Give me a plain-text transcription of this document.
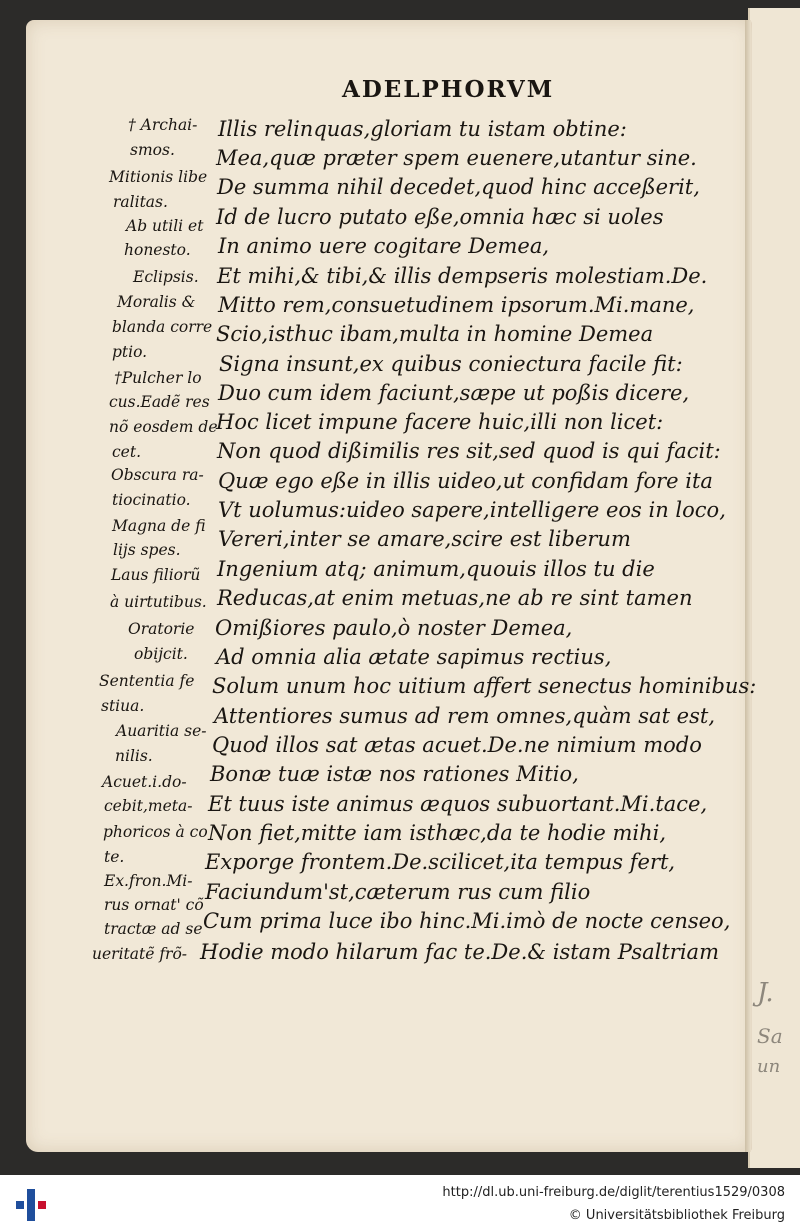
ADELPHORVM
Illis relinquas,gloriam tu istam obtine:
Mea,quæ præter spem euenere,utantur sine.
De summa nihil decedet,quod hinc acceßerit,
Id de lucro putato eße,omnia hæc si uoles
In animo uere cogitare Demea,
Et mihi,& tibi,& illis dempseris molestiam.De.
Mitto rem,consuetudinem ipsorum.Mi.mane,
Scio,isthuc ibam,multa in homine Demea
Signa insunt,ex quibus coniectura facile fit:
Duo cum idem faciunt,sæpe ut poßis dicere,
Hoc licet impune facere huic,illi non licet:
Non quod dißimilis res sit,sed quod is qui facit:
Quæ ego eße in illis uideo,ut confidam fore ita
Vt uolumus:uideo sapere,intelligere eos in loco,
Vereri,inter se amare,scire est liberum
Ingenium atq; animum,quouis illos tu die
Reducas,at enim metuas,ne ab re sint tamen
Omißiores paulo,ò noster Demea,
Ad omnia alia ætate sapimus rectius,
Solum unum hoc uitium affert senectus hominibus:
Attentiores sumus ad rem omnes,quàm sat est,
Quod illos sat ætas acuet.De.ne nimium modo
Bonæ tuæ istæ nos rationes Mitio,
Et tuus iste animus æquos subuortant.Mi.tace,
Non fiet,mitte iam isthæc,da te hodie mihi,
Exporge frontem.De.scilicet,ita tempus fert,
Faciundum'st,cæterum rus cum filio
Cum prima luce ibo hinc.Mi.imò de nocte censeo,
Hodie modo hilarum fac te.De.& istam Psaltriam
† Archai-
smos.
Mitionis libe
ralitas.
Ab utili et
honesto.
Eclipsis.
Moralis &
blanda corre
ptio.
†Pulcher lo
cus.Eadẽ res
nõ eosdem de
cet.
Obscura ra-
tiocinatio.
Magna de fi
lijs spes.
Laus filiorũ
à uirtutibus.
Oratorie
obijcit.
Sententia fe
stiua.
Auaritia se-
nilis.
Acuet.i.do-
cebit,meta-
phoricos à co
te.
Ex.fron.Mi-
rus ornat' cõ
tractæ ad se
ueritatẽ frõ-
J.
Sa
un
http://dl.ub.uni-freiburg.de/diglit/terentius1529/0308
© Universitätsbibliothek Freiburg
